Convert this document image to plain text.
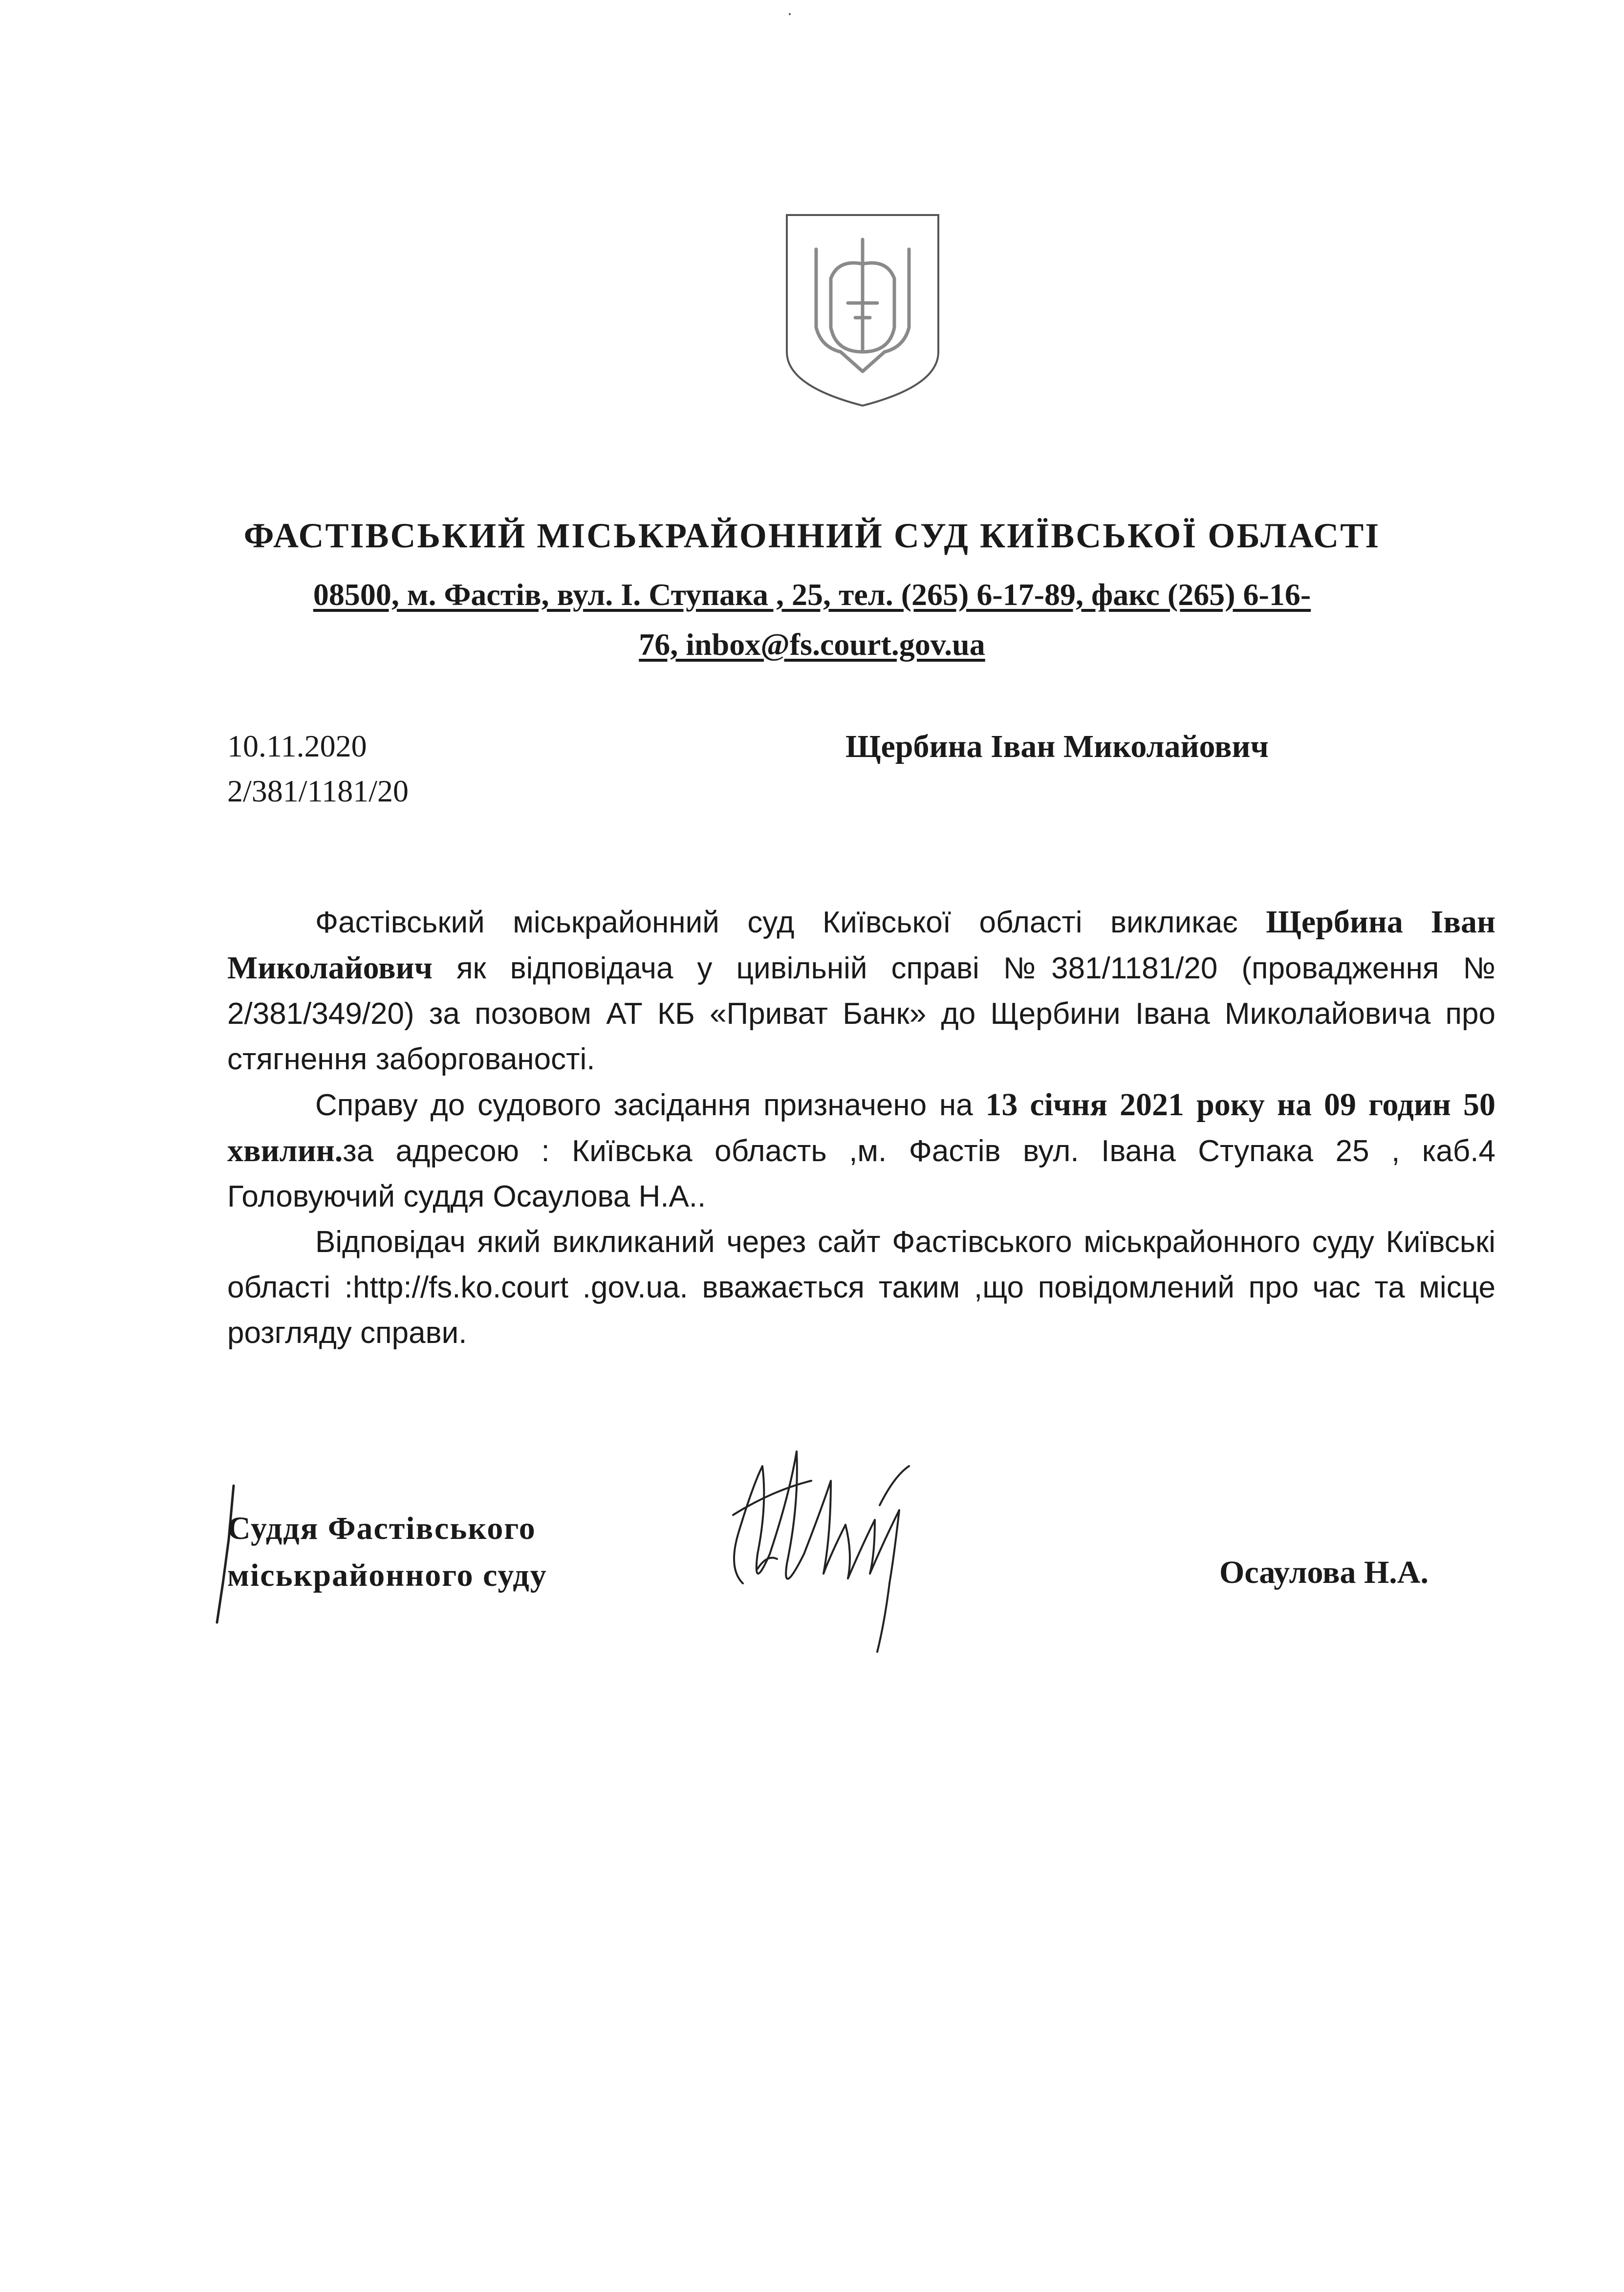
·
ФАСТІВСЬКИЙ МІСЬКРАЙОННИЙ СУД КИЇВСЬКОЇ ОБЛАСТІ
08500, м. Фастів, вул. І. Ступака , 25, тел. (265) 6-17-89, факс (265) 6-16-
76, inbox@fs.court.gov.ua
10.11.2020
2/381/1181/20
Щербина Іван Миколайович

Фастівський міськрайонний суд Київської області викликає Щербина Іван Миколайович як відповідача у цивільній справі №381/1181/20 (провадження № 2/381/349/20) за позовом АТ КБ «Приват Банк» до Щербини Івана Миколайовича про стягнення заборгованості.

Справу до судового засідання призначено на 13 січня 2021 року на 09 годин 50 хвилин.за адресою : Київська область ,м. Фастів вул. Івана Ступака 25 , каб.4 Головуючий суддя Осаулова Н.А..

Відповідач який викликаний через сайт Фастівського міськрайонного суду Київські області :http://fs.ko.court .gov.ua. вважається таким ,що повідомлений про час та місце розгляду справи.

Суддя Фастівського
міськрайонного суду	Осаулова Н.А.
